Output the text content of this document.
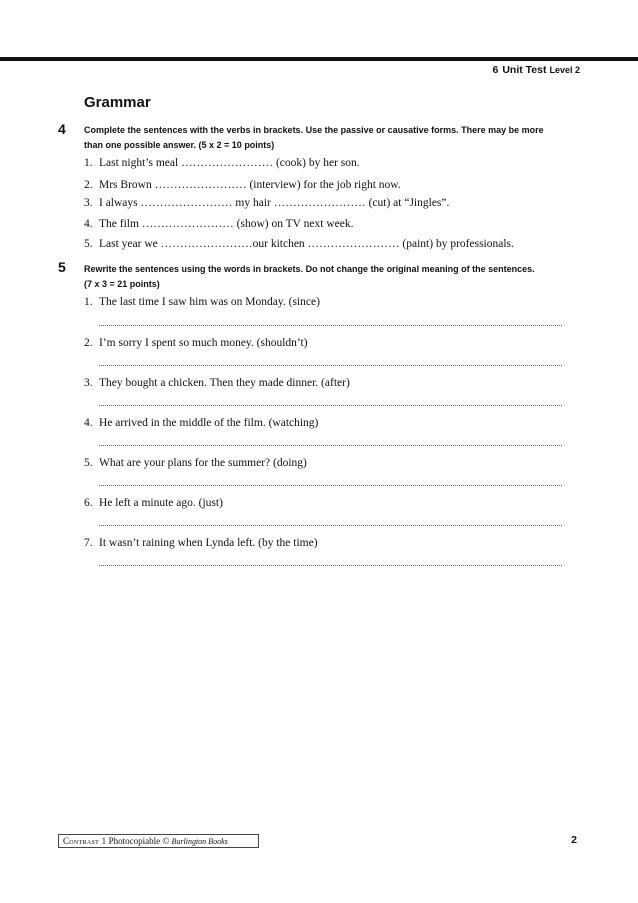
6 Unit Test Level 2
Grammar
4 Complete the sentences with the verbs in brackets. Use the passive or causative forms. There may be more
than one possible answer. (5 x 2 = 10 points)
1. Last night’s meal …………………… (cook) by her son.
2. Mrs Brown …………………… (interview) for the job right now.
3. I always …………………… my hair …………………… (cut) at “Jingles”.
4. The film …………………… (show) on TV next week.
5. Last year we ……………………our kitchen …………………… (paint) by professionals.
5 Rewrite the sentences using the words in brackets. Do not change the original meaning of the sentences.
(7 x 3 = 21 points)
1. The last time I saw him was on Monday. (since)
2. I’m sorry I spent so much money. (shouldn’t)
3. They bought a chicken. Then they made dinner. (after)
4. He arrived in the middle of the film. (watching)
5. What are your plans for the summer? (doing)
6. He left a minute ago. (just)
7. It wasn’t raining when Lynda left. (by the time)
Contrast 1 Photocopiable © Burlington Books	2
